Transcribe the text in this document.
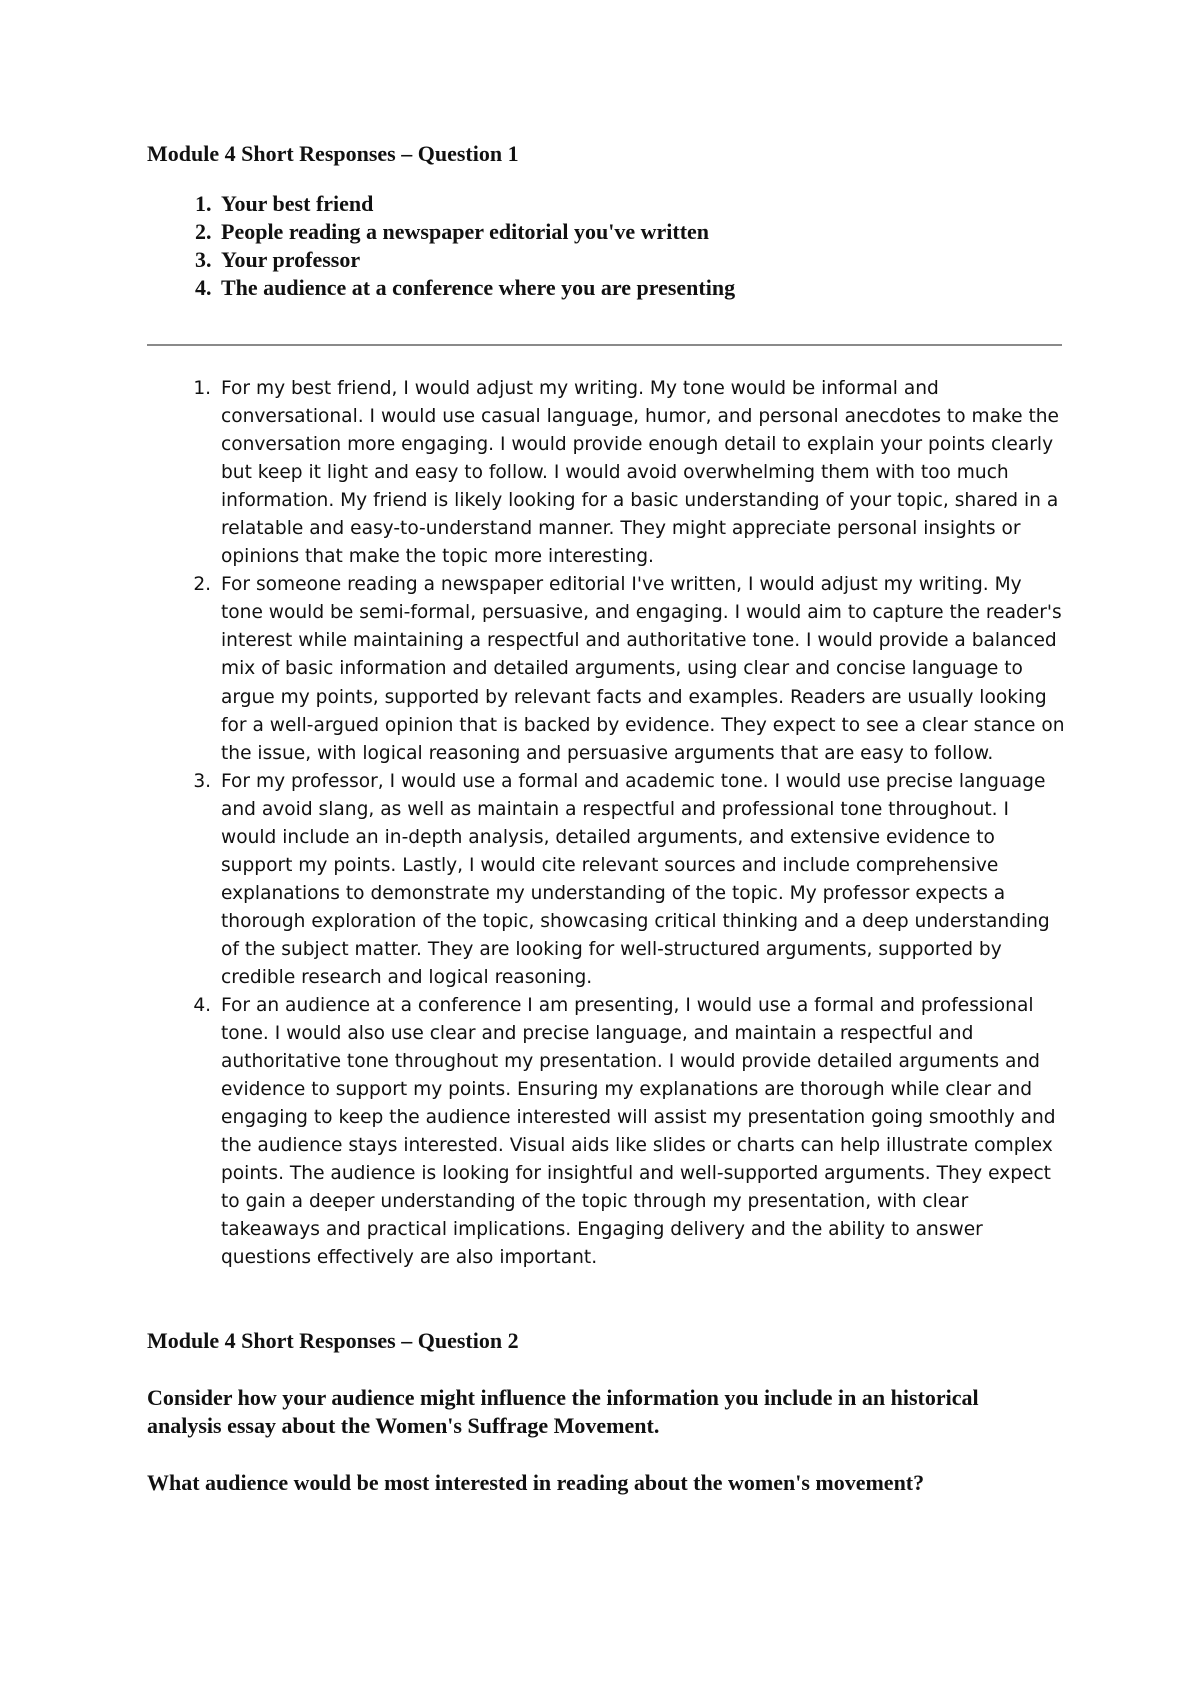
Module 4 Short Responses – Question 1

1. Your best friend
2. People reading a newspaper editorial you've written
3. Your professor
4. The audience at a conference where you are presenting
1. For my best friend, I would adjust my writing. My tone would be informal and conversational. I would use casual language, humor, and personal anecdotes to make the conversation more engaging. I would provide enough detail to explain your points clearly but keep it light and easy to follow. I would avoid overwhelming them with too much information. My friend is likely looking for a basic understanding of your topic, shared in a relatable and easy-to-understand manner. They might appreciate personal insights or opinions that make the topic more interesting.
2. For someone reading a newspaper editorial I've written, I would adjust my writing. My tone would be semi-formal, persuasive, and engaging. I would aim to capture the reader's interest while maintaining a respectful and authoritative tone. I would provide a balanced mix of basic information and detailed arguments, using clear and concise language to argue my points, supported by relevant facts and examples. Readers are usually looking for a well-argued opinion that is backed by evidence. They expect to see a clear stance on the issue, with logical reasoning and persuasive arguments that are easy to follow.
3. For my professor, I would use a formal and academic tone. I would use precise language and avoid slang, as well as maintain a respectful and professional tone throughout. I would include an in-depth analysis, detailed arguments, and extensive evidence to support my points. Lastly, I would cite relevant sources and include comprehensive explanations to demonstrate my understanding of the topic. My professor expects a thorough exploration of the topic, showcasing critical thinking and a deep understanding of the subject matter. They are looking for well-structured arguments, supported by credible research and logical reasoning.
4. For an audience at a conference I am presenting, I would use a formal and professional tone. I would also use clear and precise language, and maintain a respectful and authoritative tone throughout my presentation. I would provide detailed arguments and evidence to support my points. Ensuring my explanations are thorough while clear and engaging to keep the audience interested will assist my presentation going smoothly and the audience stays interested. Visual aids like slides or charts can help illustrate complex points. The audience is looking for insightful and well-supported arguments. They expect to gain a deeper understanding of the topic through my presentation, with clear takeaways and practical implications. Engaging delivery and the ability to answer questions effectively are also important.

Module 4 Short Responses – Question 2

Consider how your audience might influence the information you include in an historical analysis essay about the Women's Suffrage Movement.

What audience would be most interested in reading about the women's movement?
